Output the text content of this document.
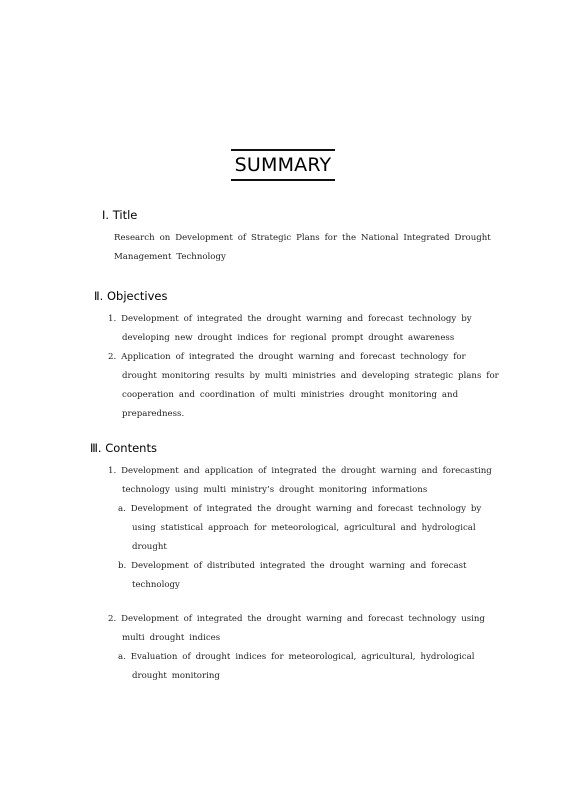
SUMMARY
Ⅰ. Title
Research on Development of Strategic Plans for the National Integrated Drought
Management Technology
Ⅱ. Objectives
1. Development of integrated the drought warning and forecast technology by
developing new drought indices for regional prompt drought awareness
2. Application of integrated the drought warning and forecast technology for
drought monitoring results by multi ministries and developing strategic plans for
cooperation and coordination of multi ministries drought monitoring and
preparedness.
Ⅲ. Contents
1. Development and application of integrated the drought warning and forecasting
technology using multi ministry’s drought monitoring informations
a. Development of integrated the drought warning and forecast technology by
using statistical approach for meteorological, agricultural and hydrological
drought
b. Development of distributed integrated the drought warning and forecast
technology
2. Development of integrated the drought warning and forecast technology using
multi drought indices
a. Evaluation of drought indices for meteorological, agricultural, hydrological
drought monitoring
